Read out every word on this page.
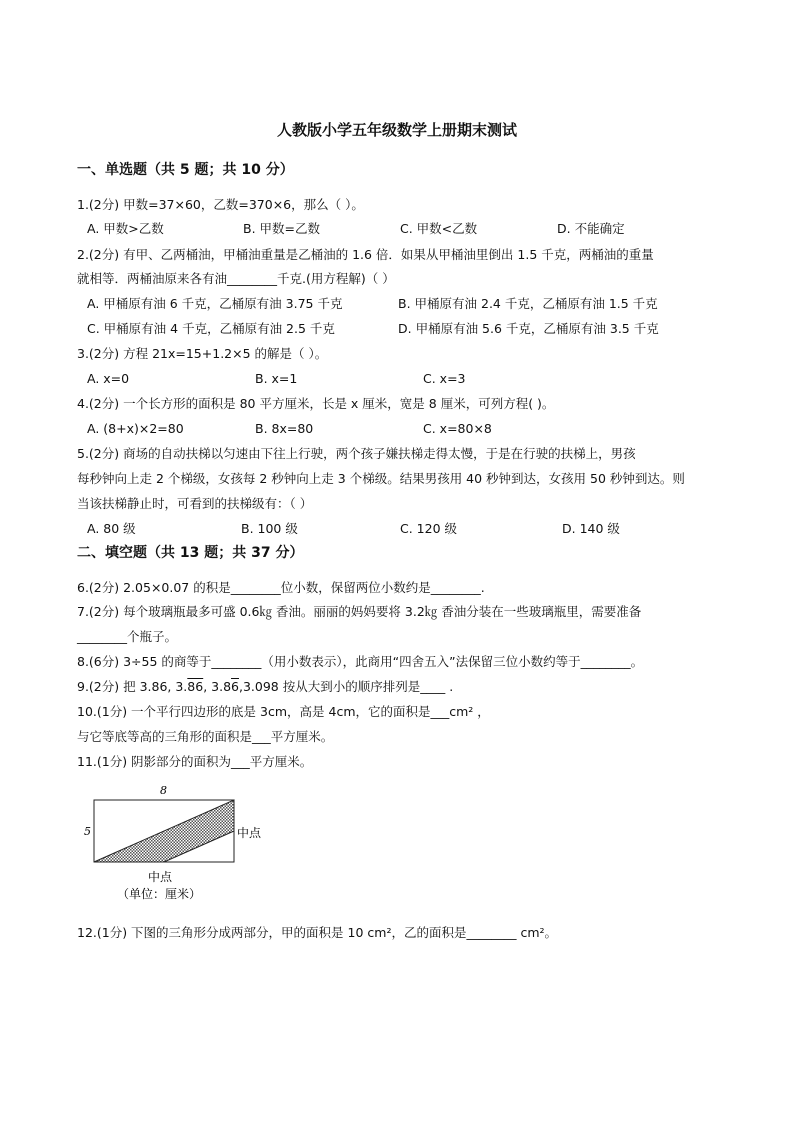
人教版小学五年级数学上册期末测试
一、单选题（共 5 题；共 10 分）
1.(2分) 甲数=37×60，乙数=370×6，那么（ ）。
A. 甲数>乙数	B. 甲数=乙数	C. 甲数<乙数	D. 不能确定
2.(2分) 有甲、乙两桶油，甲桶油重量是乙桶油的 1.6 倍．如果从甲桶油里倒出 1.5 千克，两桶油的重量
就相等．两桶油原来各有油________千克.(用方程解)（ ）
A. 甲桶原有油 6 千克，乙桶原有油 3.75 千克	B. 甲桶原有油 2.4 千克，乙桶原有油 1.5 千克
C. 甲桶原有油 4 千克，乙桶原有油 2.5 千克	D. 甲桶原有油 5.6 千克，乙桶原有油 3.5 千克
3.(2分) 方程 21x=15+1.2×5 的解是（ ）。
A. x=0	B. x=1	C. x=3
4.(2分) 一个长方形的面积是 80 平方厘米，长是 x 厘米，宽是 8 厘米，可列方程( )。
A. (8+x)×2=80	B. 8x=80	C. x=80×8
5.(2分) 商场的自动扶梯以匀速由下往上行驶，两个孩子嫌扶梯走得太慢，于是在行驶的扶梯上，男孩
每秒钟向上走 2 个梯级，女孩每 2 秒钟向上走 3 个梯级。结果男孩用 40 秒钟到达，女孩用 50 秒钟到达。则
当该扶梯静止时，可看到的扶梯级有：（ ）
A. 80 级	B. 100 级	C. 120 级	D. 140 级
二、填空题（共 13 题；共 37 分）
6.(2分) 2.05×0.07 的积是________位小数，保留两位小数约是________.
7.(2分) 每个玻璃瓶最多可盛 0.6㎏ 香油。丽丽的妈妈要将 3.2㎏ 香油分装在一些玻璃瓶里，需要准备
________个瓶子。
8.(6分) 3÷55 的商等于________（用小数表示），此商用“四舍五入”法保留三位小数约等于________。
9.(2分) 把 3.86, 3.86, 3.86,3.098 按从大到小的顺序排列是____ .
10.(1分) 一个平行四边形的底是 3cm，高是 4cm，它的面积是___cm² ，
与它等底等高的三角形的面积是___平方厘米。
11.(1分) 阴影部分的面积为___平方厘米。
8
5	中点
中点
（单位：厘米）
12.(1分) 下图的三角形分成两部分，甲的面积是 10 cm²，乙的面积是________ cm²。
